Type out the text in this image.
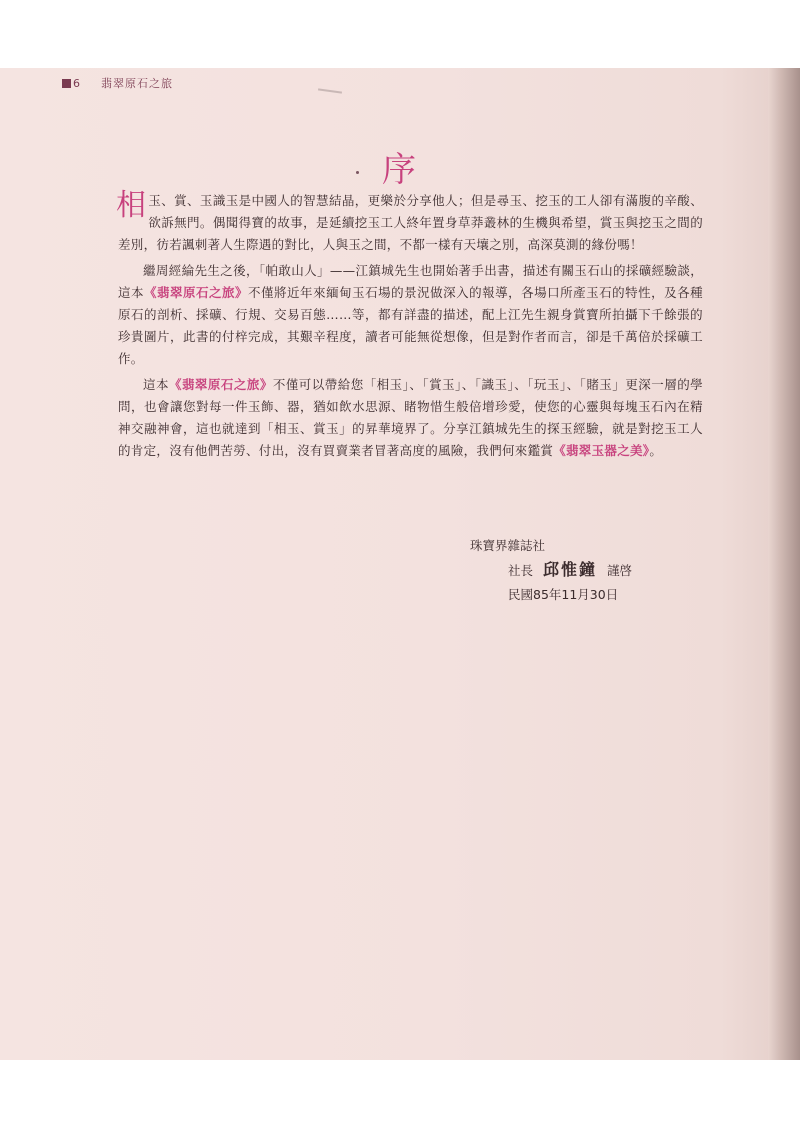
6 翡翠原石之旅
序

相玉、賞、玉識玉是中國人的智慧結晶，更樂於分享他人；但是尋玉、挖玉的工人卻有滿腹的辛酸、欲訴無門。偶聞得寶的故事，是延續挖玉工人終年置身草莽叢林的生機與希望，賞玉與挖玉之間的差別，彷若諷刺著人生際遇的對比，人與玉之間，不都一樣有天壤之別，高深莫測的緣份嗎！

繼周經綸先生之後，「帕敢山人」——江鎮城先生也開始著手出書，描述有關玉石山的採礦經驗談，這本《翡翠原石之旅》不僅將近年來緬甸玉石場的景況做深入的報導，各場口所產玉石的特性，及各種原石的剖析、採礦、行規、交易百態……等，都有詳盡的描述，配上江先生親身賞寶所拍攝下千餘張的珍貴圖片，此書的付梓完成，其艱辛程度，讀者可能無從想像，但是對作者而言，卻是千萬倍於採礦工作。

這本《翡翠原石之旅》不僅可以帶給您「相玉」、「賞玉」、「識玉」、「玩玉」、「賭玉」更深一層的學問，也會讓您對每一件玉飾、器，猶如飲水思源、睹物惜生般倍增珍愛，使您的心靈與每塊玉石內在精神交融神會，這也就達到「相玉、賞玉」的昇華境界了。分享江鎮城先生的探玉經驗，就是對挖玉工人的肯定，沒有他們苦勞、付出，沒有買賣業者冒著高度的風險，我們何來鑑賞《翡翠玉器之美》。

珠寶界雜誌社
社長 邱惟鐘 謹啓
民國85年11月30日
